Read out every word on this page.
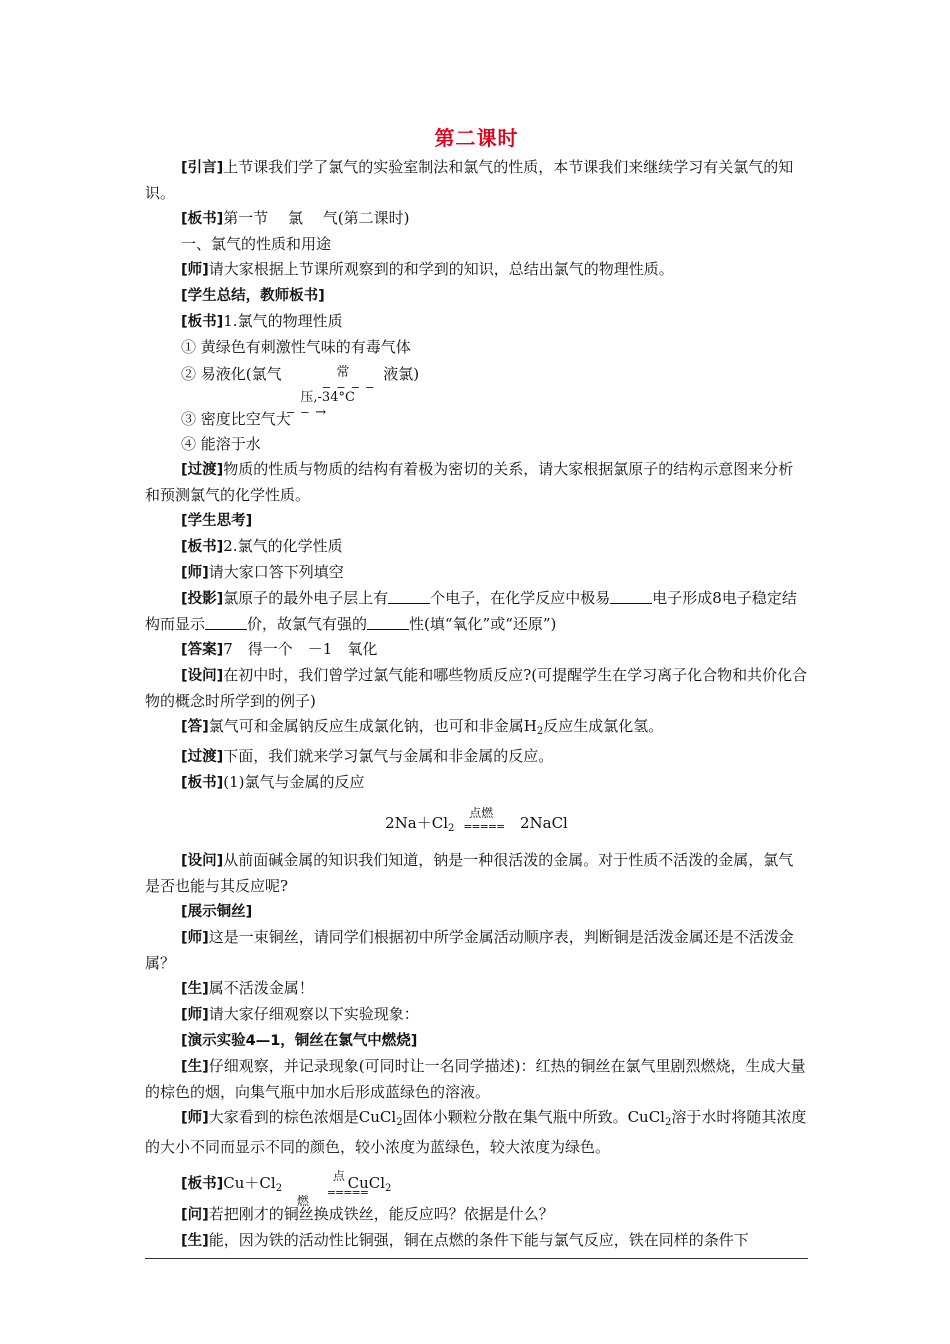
第二课时

[引言]上节课我们学了氯气的实验室制法和氯气的性质，本节课我们来继续学习有关氯气的知识。

[板书]第一节　 氯　 气(第二课时)

一、氯气的性质和用途

[师]请大家根据上节课所观察到的和学到的知识，总结出氯气的物理性质。

[学生总结，教师板书]

[板书]1.氯气的物理性质

① 黄绿色有刺激性气味的有毒气体

② 易液化(氯气	常压,-34°C
‒ ‒ ‒ ‒ ‒ ‒ →
液氯)

③ 密度比空气大

④ 能溶于水

[过渡]物质的性质与物质的结构有着极为密切的关系，请大家根据氯原子的结构示意图来分析和预测氯气的化学性质。

[学生思考]

[板书]2.氯气的化学性质

[师]请大家口答下列填空

[投影]氯原子的最外电子层上有	个电子，在化学反应中极易	电子形成8电子稳定结构而显示	价，故氯气有强的	性(填“氧化”或“还原”)

[答案]7　得一个　－1　氧化

[设问]在初中时，我们曾学过氯气能和哪些物质反应?(可提醒学生在学习离子化合物和共价化合物的概念时所学到的例子)

[答]氯气可和金属钠反应生成氯化钠，也可和非金属$H_2$反应生成氯化氢。

[过渡]下面，我们就来学习氯气与金属和非金属的反应。

[板书](1)氯气与金属的反应

$2Na+Cl_2$
点燃
===== 2NaCl

[设问]从前面碱金属的知识我们知道，钠是一种很活泼的金属。对于性质不活泼的金属，氯气是否也能与其反应呢?

[展示铜丝]

[师]这是一束铜丝，请同学们根据初中所学金属活动顺序表，判断铜是活泼金属还是不活泼金属？

[生]属不活泼金属！

[师]请大家仔细观察以下实验现象：

[演示实验4—1，铜丝在氯气中燃烧]

[生]仔细观察，并记录现象(可同时让一名同学描述)：红热的铜丝在氯气里剧烈燃烧，生成大量的棕色的烟，向集气瓶中加水后形成蓝绿色的溶液。

[师]大家看到的棕色浓烟是CuCl$_2$固体小颗粒分散在集气瓶中所致。CuCl$_2$溶于水时将随其浓度的大小不同而显示不同的颜色，较小浓度为蓝绿色，较大浓度为绿色。

[板书]$Cu+Cl_2$
点燃
=====
CuCl$_2$

[问]若把刚才的铜丝换成铁丝，能反应吗？依据是什么？

[生]能，因为铁的活动性比铜强，铜在点燃的条件下能与氯气反应，铁在同样的条件下
